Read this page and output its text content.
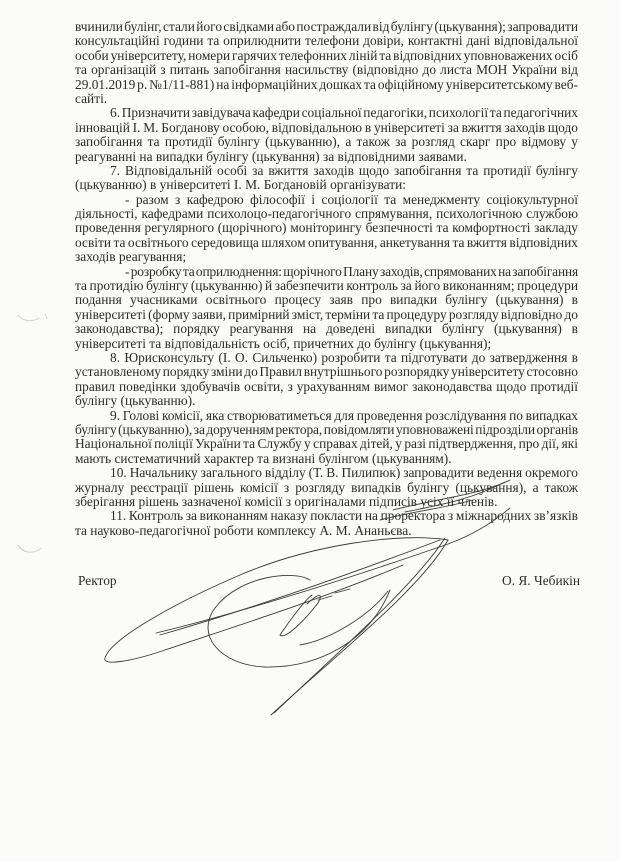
вчинили булінг, стали його свідками або постраждали від булінгу (цькування); запровадити
консультаційні години та оприлюднити телефони довіри, контактні дані відповідальної
особи університету, номери гарячих телефонних ліній та відповідних уповноважених осіб
та організацій з питань запобігання насильству (відповідно до листа МОН України від
29.01.2019 р. №1/11-881) на інформаційних дошках та офіційному університетському веб-
сайті.
6. Призначити завідувача кафедри соціальної педагогіки, психології та педагогічних
інновацій І. М. Богданову особою, відповідальною в університеті за вжиття заходів щодо
запобігання та протидії булінгу (цькуванню), а також за розгляд скарг про відмову у
реагуванні на випадки булінгу (цькування) за відповідними заявами.
7. Відповідальній особі за вжиття заходів щодо запобігання та протидії булінгу
(цькуванню) в університеті І. М. Богдановій організувати:
- разом з кафедрою філософії і соціології та менеджменту соціокультурної
діяльності, кафедрами психолоцо-педагогічного спрямування, психологічною службою
проведення регулярного (щорічного) моніторингу безпечності та комфортності закладу
освіти та освітнього середовища шляхом опитування, анкетування та вжиття відповідних
заходів реагування;
- розробку та оприлюднення: щорічного Плану заходів, спрямованих на запобігання
та протидію булінгу (цькуванню) й забезпечити контроль за його виконанням; процедури
подання учасниками освітнього процесу заяв про випадки булінгу (цькування) в
університеті (форму заяви, примірний зміст, терміни та процедуру розгляду відповідно до
законодавства); порядку реагування на доведені випадки булінгу (цькування) в
університеті та відповідальність осіб, причетних до булінгу (цькування);
8. Юрисконсульту (І. О. Сильченко) розробити та підготувати до затвердження в
установленому порядку зміни до Правил внутрішнього розпорядку університету стосовно
правил поведінки здобувачів освіти, з урахуванням вимог законодавства щодо протидії
булінгу (цькуванню).
9. Голові комісії, яка створюватиметься для проведення розслідування по випадках
булінгу (цькуванню), за дорученням ректора, повідомляти уповноважені підрозділи органів
Національної поліції України та Службу у справах дітей, у разі підтвердження, про дії, які
мають систематичний характер та визнані булінгом (цькуванням).
10. Начальнику загального відділу (Т. В. Пилипюк) запровадити ведення окремого
журналу реєстрації рішень комісії з розгляду випадків булінгу (цькування), а також
зберігання рішень зазначеної комісії з оригіналами підписів усіх її членів.
11. Контроль за виконанням наказу покласти на проректора з міжнародних зв’язків
та науково-педагогічної роботи комплексу А. М. Ананьєва.
Ректор	О. Я. Чебикін
